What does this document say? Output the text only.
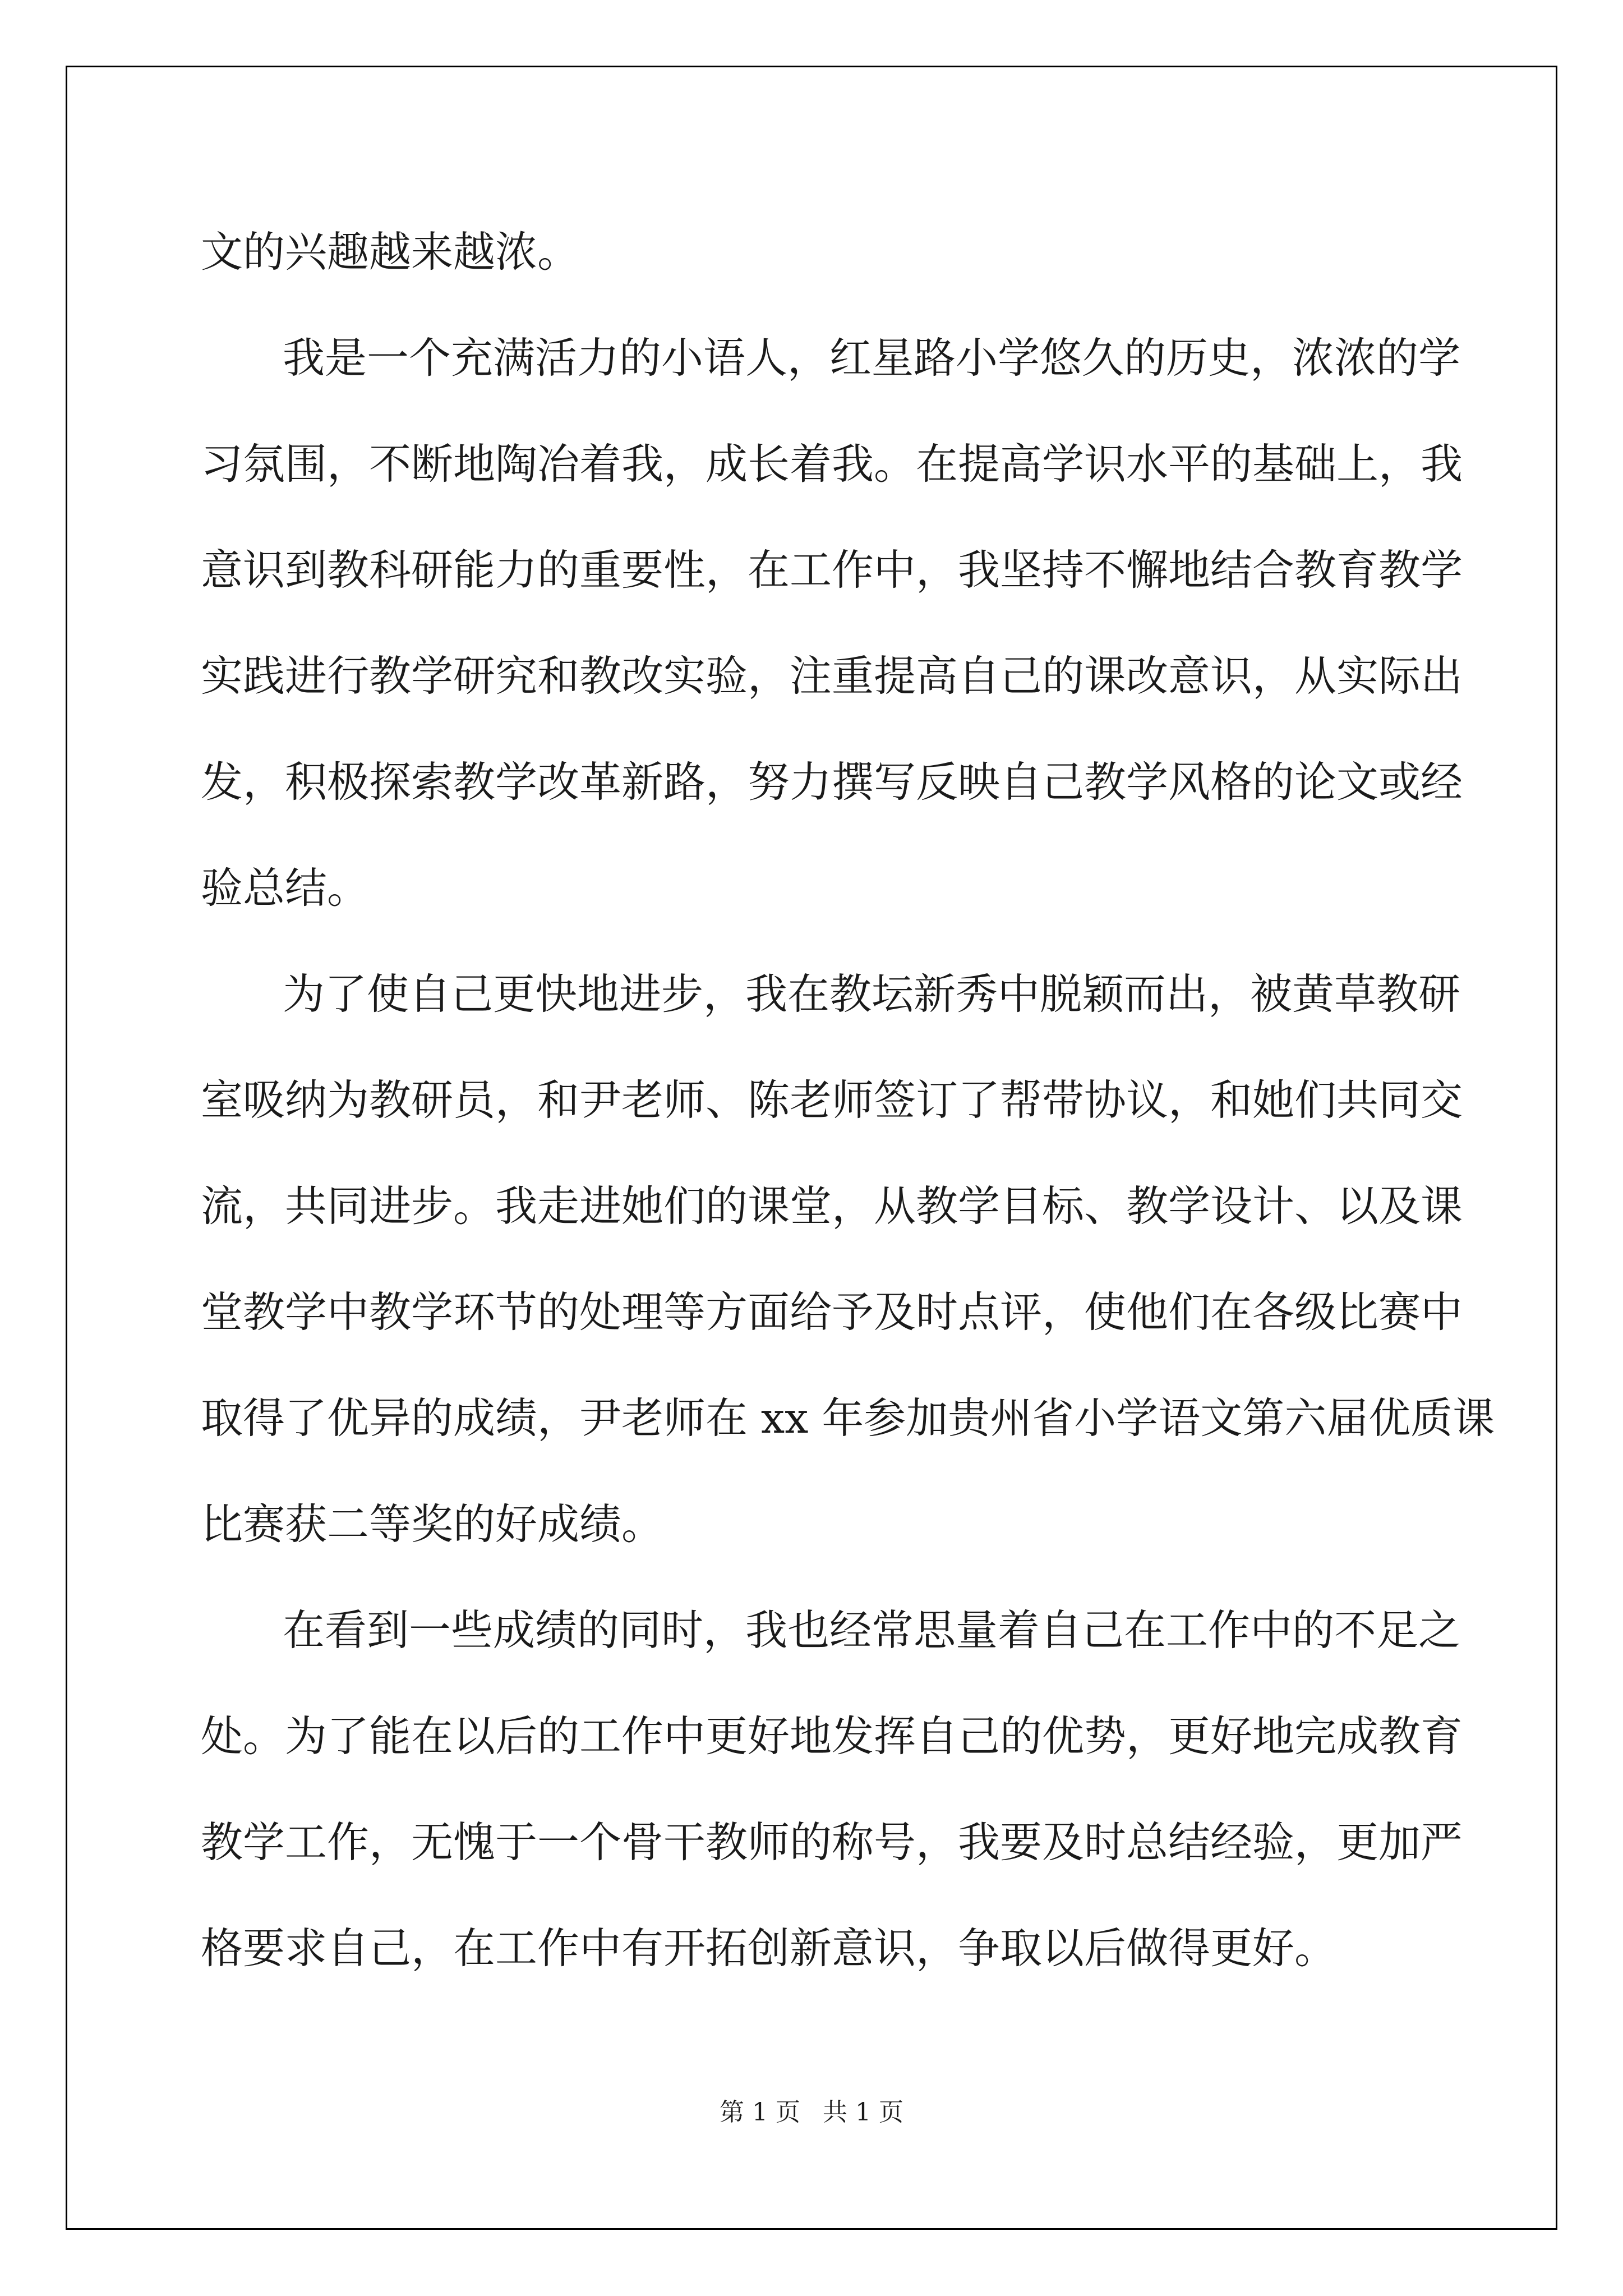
文的兴趣越来越浓。
我是一个充满活力的小语人，红星路小学悠久的历史，浓浓的学
习氛围，不断地陶冶着我，成长着我。在提高学识水平的基础上，我
意识到教科研能力的重要性，在工作中，我坚持不懈地结合教育教学
实践进行教学研究和教改实验，注重提高自己的课改意识，从实际出
发，积极探索教学改革新路，努力撰写反映自己教学风格的论文或经
验总结。
为了使自己更快地进步，我在教坛新秀中脱颖而出，被黄草教研
室吸纳为教研员，和尹老师、陈老师签订了帮带协议，和她们共同交
流，共同进步。我走进她们的课堂，从教学目标、教学设计、以及课
堂教学中教学环节的处理等方面给予及时点评，使他们在各级比赛中
取得了优异的成绩，尹老师在 xx 年参加贵州省小学语文第六届优质课
比赛获二等奖的好成绩。
在看到一些成绩的同时，我也经常思量着自己在工作中的不足之
处。为了能在以后的工作中更好地发挥自己的优势，更好地完成教育
教学工作，无愧于一个骨干教师的称号，我要及时总结经验，更加严
格要求自己，在工作中有开拓创新意识，争取以后做得更好。
第 1 页 共 1 页
